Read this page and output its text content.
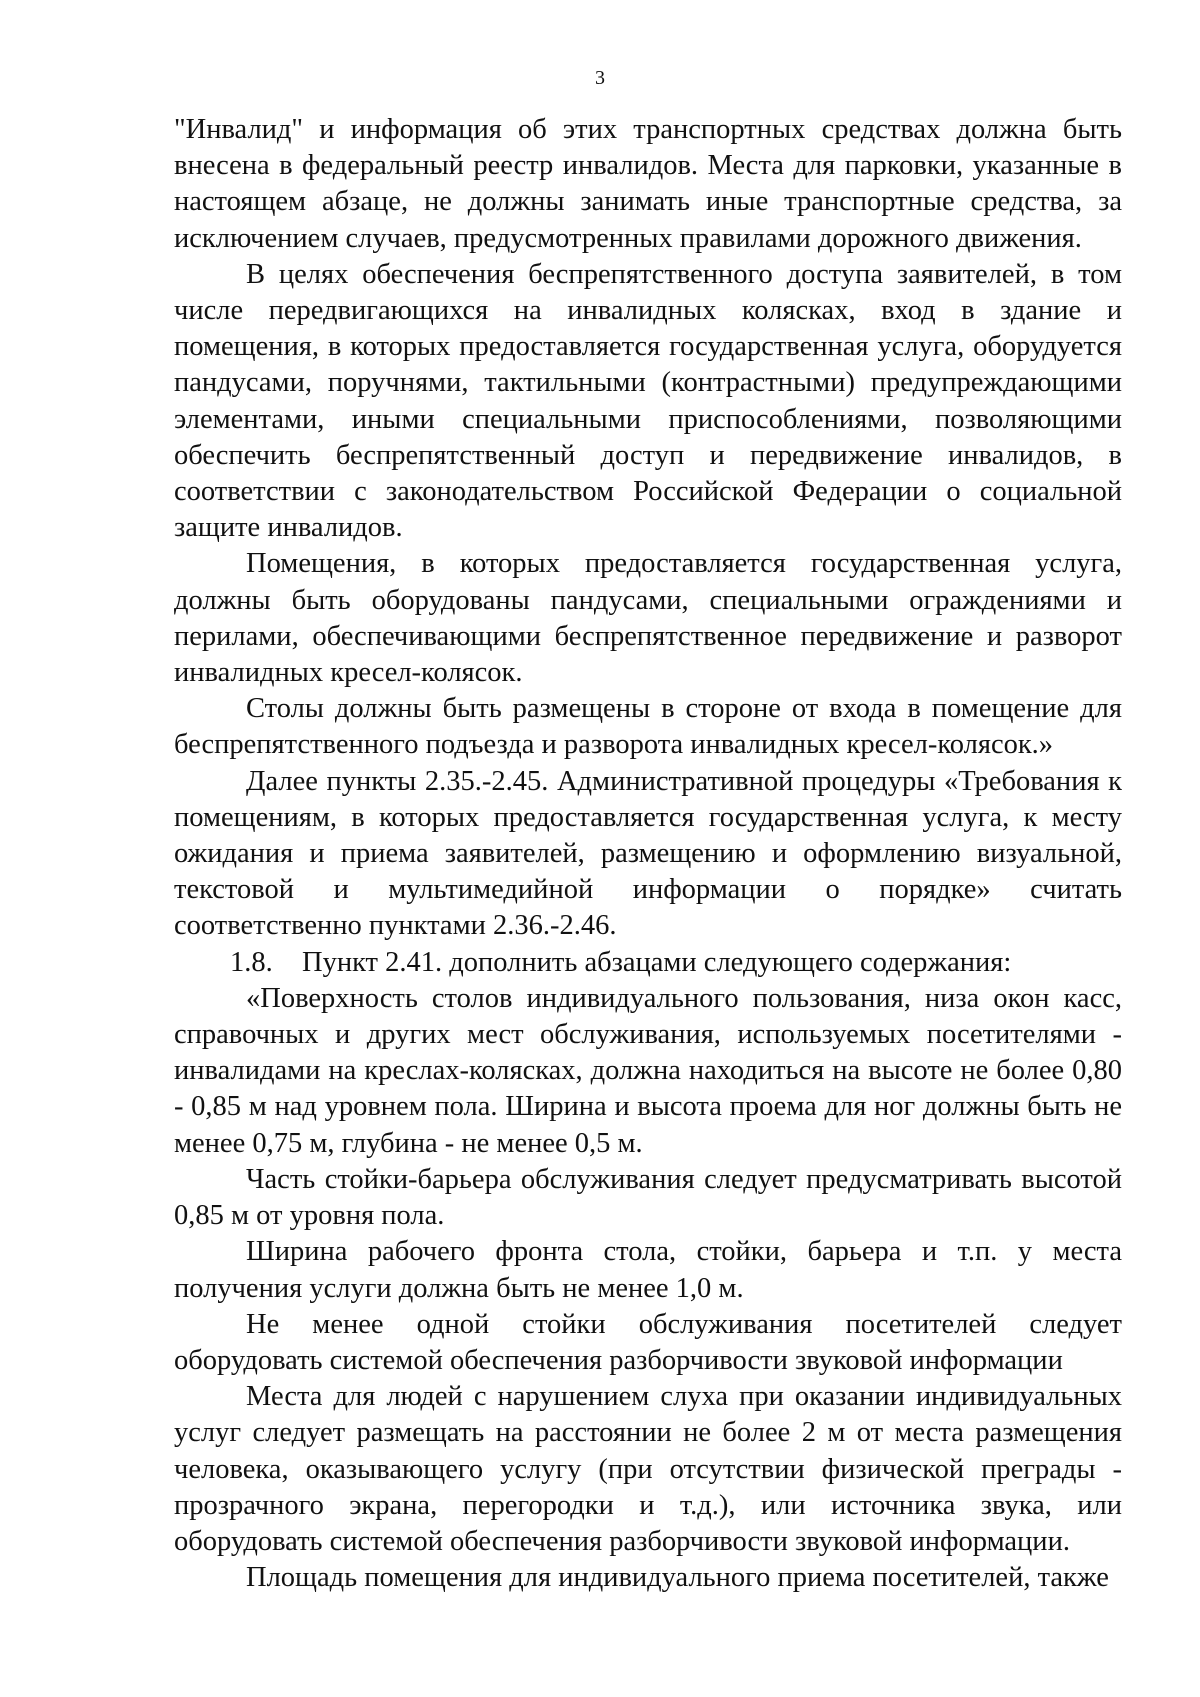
3

"Инвалид" и информация об этих транспортных средствах должна быть внесена в федеральный реестр инвалидов. Места для парковки, указанные в настоящем абзаце, не должны занимать иные транспортные средства, за исключением случаев, предусмотренных правилами дорожного движения.

В целях обеспечения беспрепятственного доступа заявителей, в том числе передвигающихся на инвалидных колясках, вход в здание и помещения, в которых предоставляется государственная услуга, оборудуется пандусами, поручнями, тактильными (контрастными) предупреждающими элементами, иными специальными приспособлениями, позволяющими обеспечить беспрепятственный доступ и передвижение инвалидов, в соответствии с законодательством Российской Федерации о социальной защите инвалидов.

Помещения, в которых предоставляется государственная услуга, должны быть оборудованы пандусами, специальными ограждениями и перилами, обеспечивающими беспрепятственное передвижение и разворот инвалидных кресел-колясок.

Столы должны быть размещены в стороне от входа в помещение для беспрепятственного подъезда и разворота инвалидных кресел-колясок.»

Далее пункты 2.35.-2.45. Административной процедуры «Требования к помещениям, в которых предоставляется государственная услуга, к месту ожидания и приема заявителей, размещению и оформлению визуальной, текстовой и мультимедийной информации о порядке» считать соответственно пунктами 2.36.-2.46.

1.8. Пункт 2.41. дополнить абзацами следующего содержания:

«Поверхность столов индивидуального пользования, низа окон касс, справочных и других мест обслуживания, используемых посетителями - инвалидами на креслах-колясках, должна находиться на высоте не более 0,80 - 0,85 м над уровнем пола. Ширина и высота проема для ног должны быть не менее 0,75 м, глубина - не менее 0,5 м.

Часть стойки-барьера обслуживания следует предусматривать высотой 0,85 м от уровня пола.

Ширина рабочего фронта стола, стойки, барьера и т.п. у места получения услуги должна быть не менее 1,0 м.

Не менее одной стойки обслуживания посетителей следует оборудовать системой обеспечения разборчивости звуковой информации

Места для людей с нарушением слуха при оказании индивидуальных услуг следует размещать на расстоянии не более 2 м от места размещения человека, оказывающего услугу (при отсутствии физической преграды - прозрачного экрана, перегородки и т.д.), или источника звука, или оборудовать системой обеспечения разборчивости звуковой информации.

Площадь помещения для индивидуального приема посетителей, также
